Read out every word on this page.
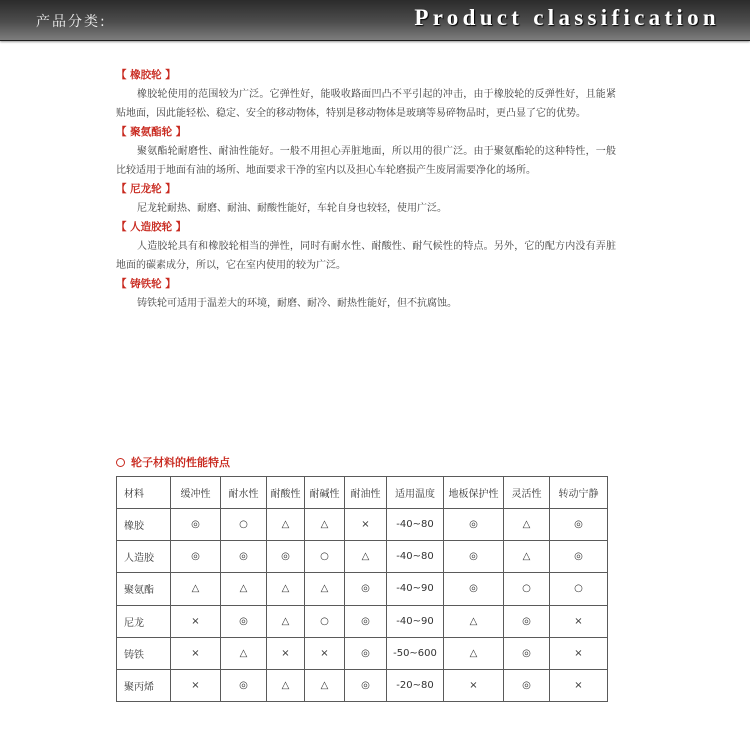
产品分类:	Product classification
【 橡胶轮 】

橡胶轮使用的范围较为广泛。它弹性好，能吸收路面凹凸不平引起的冲击，由于橡胶轮的反弹性好，且能紧贴地面，因此能轻松、稳定、安全的移动物体，特别是移动物体是玻璃等易碎物品时，更凸显了它的优势。

【 聚氨酯轮 】

聚氨酯轮耐磨性、耐油性能好。一般不用担心弄脏地面，所以用的很广泛。由于聚氨酯轮的这种特性，一般比较适用于地面有油的场所、地面要求干净的室内以及担心车轮磨损产生废屑需要净化的场所。

【 尼龙轮 】

尼龙轮耐热、耐磨、耐油、耐酸性能好，车轮自身也较轻，使用广泛。

【 人造胶轮 】

人造胶轮具有和橡胶轮相当的弹性，同时有耐水性、耐酸性、耐气候性的特点。另外，它的配方内没有弄脏地面的碳素成分，所以，它在室内使用的较为广泛。

【 铸铁轮 】

铸铁轮可适用于温差大的环境，耐磨、耐冷、耐热性能好，但不抗腐蚀。

轮子材料的性能特点
材料	缓冲性	耐水性	耐酸性	耐碱性	耐油性	适用温度	地板保护性	灵活性	转动宁静
橡胶	◎	○	△	△	×	-40~80	◎	△	◎
人造胶	◎	◎	◎	○	△	-40~80	◎	△	◎
聚氨酯	△	△	△	△	◎	-40~90	◎	○	○
尼龙	×	◎	△	○	◎	-40~90	△	◎	×
铸铁	×	△	×	×	◎	-50~600	△	◎	×
聚丙烯	×	◎	△	△	◎	-20~80	×	◎	×
